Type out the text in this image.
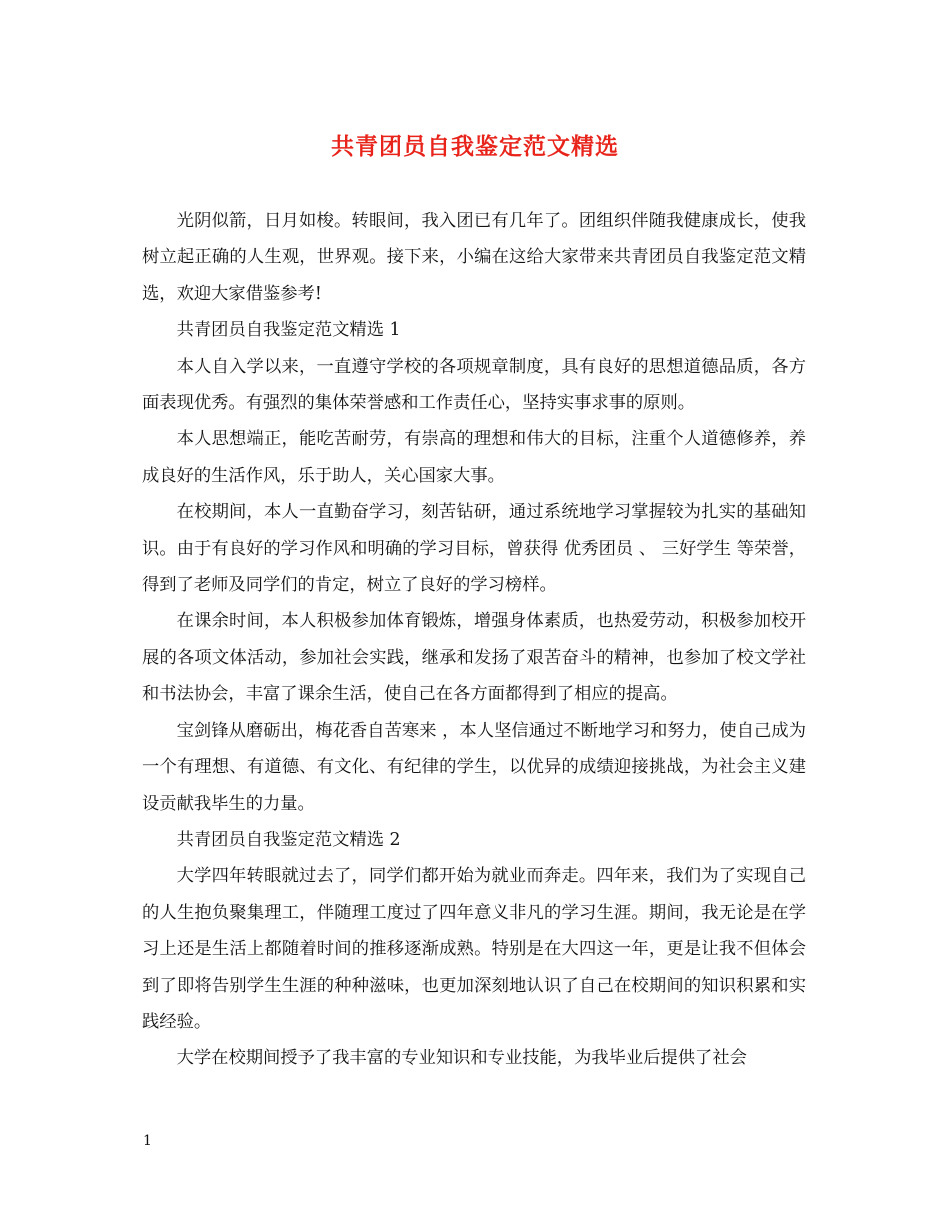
共青团员自我鉴定范文精选

光阴似箭，日月如梭。转眼间，我入团已有几年了。团组织伴随我健康成长，使我树立起正确的人生观，世界观。接下来，小编在这给大家带来共青团员自我鉴定范文精选，欢迎大家借鉴参考!

共青团员自我鉴定范文精选 1

本人自入学以来，一直遵守学校的各项规章制度，具有良好的思想道德品质，各方面表现优秀。有强烈的集体荣誉感和工作责任心，坚持实事求事的原则。

本人思想端正，能吃苦耐劳，有崇高的理想和伟大的目标，注重个人道德修养，养成良好的生活作风，乐于助人，关心国家大事。

在校期间，本人一直勤奋学习，刻苦钻研，通过系统地学习掌握较为扎实的基础知识。由于有良好的学习作风和明确的学习目标，曾获得 优秀团员 、 三好学生 等荣誉，得到了老师及同学们的肯定，树立了良好的学习榜样。

在课余时间，本人积极参加体育锻炼，增强身体素质，也热爱劳动，积极参加校开展的各项文体活动，参加社会实践，继承和发扬了艰苦奋斗的精神，也参加了校文学社和书法协会，丰富了课余生活，使自己在各方面都得到了相应的提高。

宝剑锋从磨砺出，梅花香自苦寒来 ，本人坚信通过不断地学习和努力，使自己成为一个有理想、有道德、有文化、有纪律的学生，以优异的成绩迎接挑战，为社会主义建设贡献我毕生的力量。

共青团员自我鉴定范文精选 2

大学四年转眼就过去了，同学们都开始为就业而奔走。四年来，我们为了实现自己的人生抱负聚集理工，伴随理工度过了四年意义非凡的学习生涯。期间，我无论是在学习上还是生活上都随着时间的推移逐渐成熟。特别是在大四这一年，更是让我不但体会到了即将告别学生生涯的种种滋味，也更加深刻地认识了自己在校期间的知识积累和实践经验。

大学在校期间授予了我丰富的专业知识和专业技能，为我毕业后提供了社会

1
